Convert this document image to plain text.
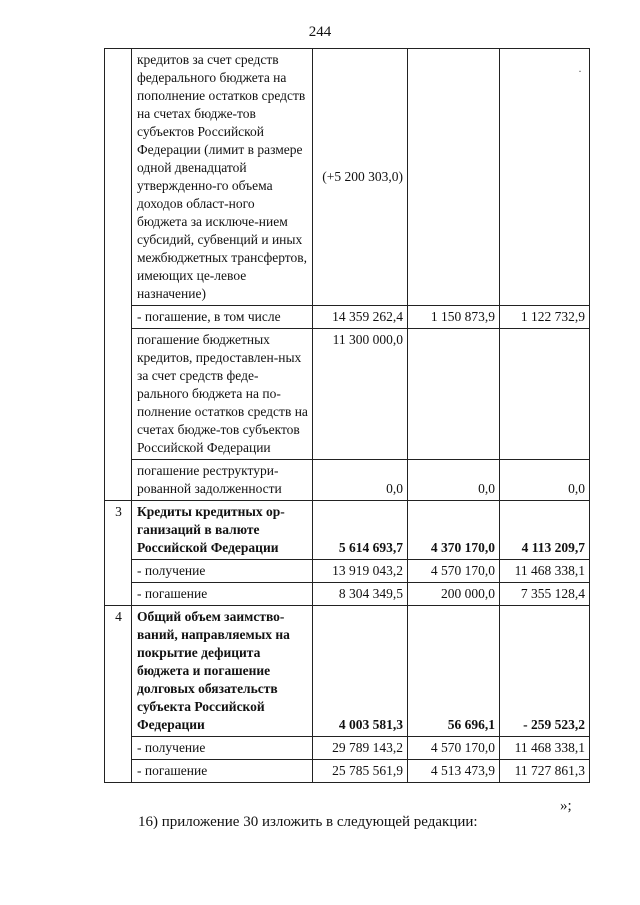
244
·
	кредитов за счет средств федерального бюджета на пополнение остатков средств на счетах бюдже-тов субъектов Российской Федерации (лимит в размере одной двенадцатой утвержденно-го объема доходов област-ного бюджета за исключе-нием субсидий, субвенций и иных межбюджетных трансфертов, имеющих це-левое назначение)	(+5 200 303,0)		
	- погашение, в том числе	14 359 262,4	1 150 873,9	1 122 732,9
	погашение бюджетных кредитов, предоставлен-ных за счет средств феде-рального бюджета на по-полнение остатков средств на счетах бюдже-тов субъектов Российской Федерации	11 300 000,0		
	погашение реструктури-рованной задолженности	0,0	0,0	0,0
3	Кредиты кредитных ор-ганизаций в валюте Российской Федерации	5 614 693,7	4 370 170,0	4 113 209,7
	- получение	13 919 043,2	4 570 170,0	11 468 338,1
	- погашение	8 304 349,5	200 000,0	7 355 128,4
4	Общий объем заимство-ваний, направляемых на покрытие дефицита бюджета и погашение долговых обязательств субъекта Российской Федерации	4 003 581,3	56 696,1	- 259 523,2
	- получение	29 789 143,2	4 570 170,0	11 468 338,1
	- погашение	25 785 561,9	4 513 473,9	11 727 861,3
»;
16) приложение 30 изложить в следующей редакции:
